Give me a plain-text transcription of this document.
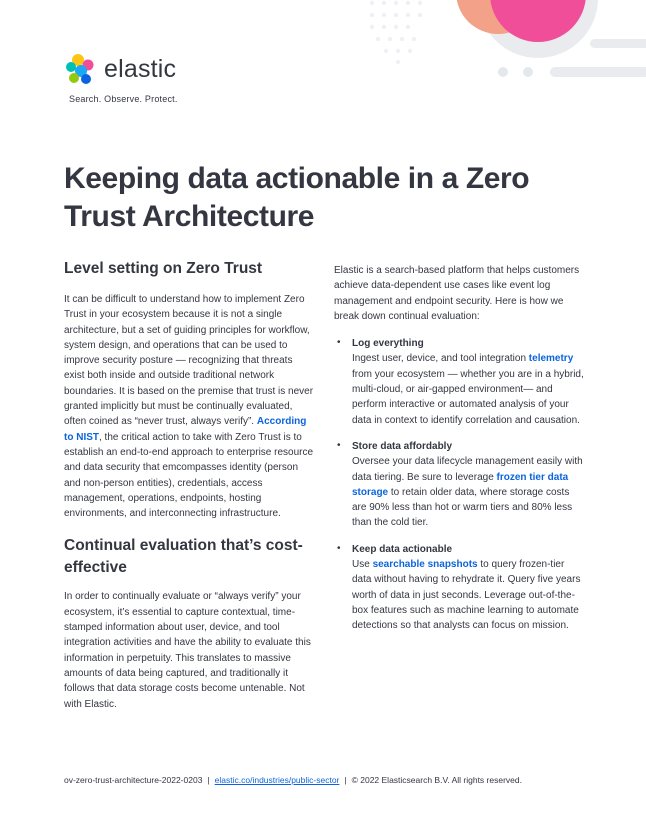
elastic
Search. Observe. Protect.
Keeping data actionable in a Zero Trust Architecture
Level setting on Zero Trust

It can be difficult to understand how to implement Zero Trust in your ecosystem because it is not a single architecture, but a set of guiding principles for workflow, system design, and operations that can be used to improve security posture — recognizing that threats exist both inside and outside traditional network boundaries. It is based on the premise that trust is never granted implicitly but must be continually evaluated, often coined as “never trust, always verify”. According to NIST, the critical action to take with Zero Trust is to establish an end-to-end approach to enterprise resource and data security that emcompasses identity (person and non-person entities), credentials, access management, operations, endpoints, hosting environments, and interconnecting infrastructure.

Continual evaluation that’s cost-effective

In order to continually evaluate or “always verify” your ecosystem, it’s essential to capture contextual, time-stamped information about user, device, and tool integration activities and have the ability to evaluate this information in perpetuity. This translates to massive amounts of data being captured, and traditionally it follows that data storage costs become untenable. Not with Elastic.

Elastic is a search-based platform that helps customers achieve data-dependent use cases like event log management and endpoint security. Here is how we break down continual evaluation:

• Log everything

Ingest user, device, and tool integration telemetry from your ecosystem — whether you are in a hybrid, multi-cloud, or air-gapped environment— and perform interactive or automated analysis of your data in context to identify correlation and causation.

• Store data affordably

Oversee your data lifecycle management easily with data tiering. Be sure to leverage frozen tier data storage to retain older data, where storage costs are 90% less than hot or warm tiers and 80% less than the cold tier.

• Keep data actionable

Use searchable snapshots to query frozen-tier data without having to rehydrate it. Query five years worth of data in just seconds. Leverage out-of-the-box features such as machine learning to automate detections so that analysts can focus on mission.

ov-zero-trust-architecture-2022-0203 | elastic.co/industries/public-sector | © 2022 Elasticsearch B.V. All rights reserved.
